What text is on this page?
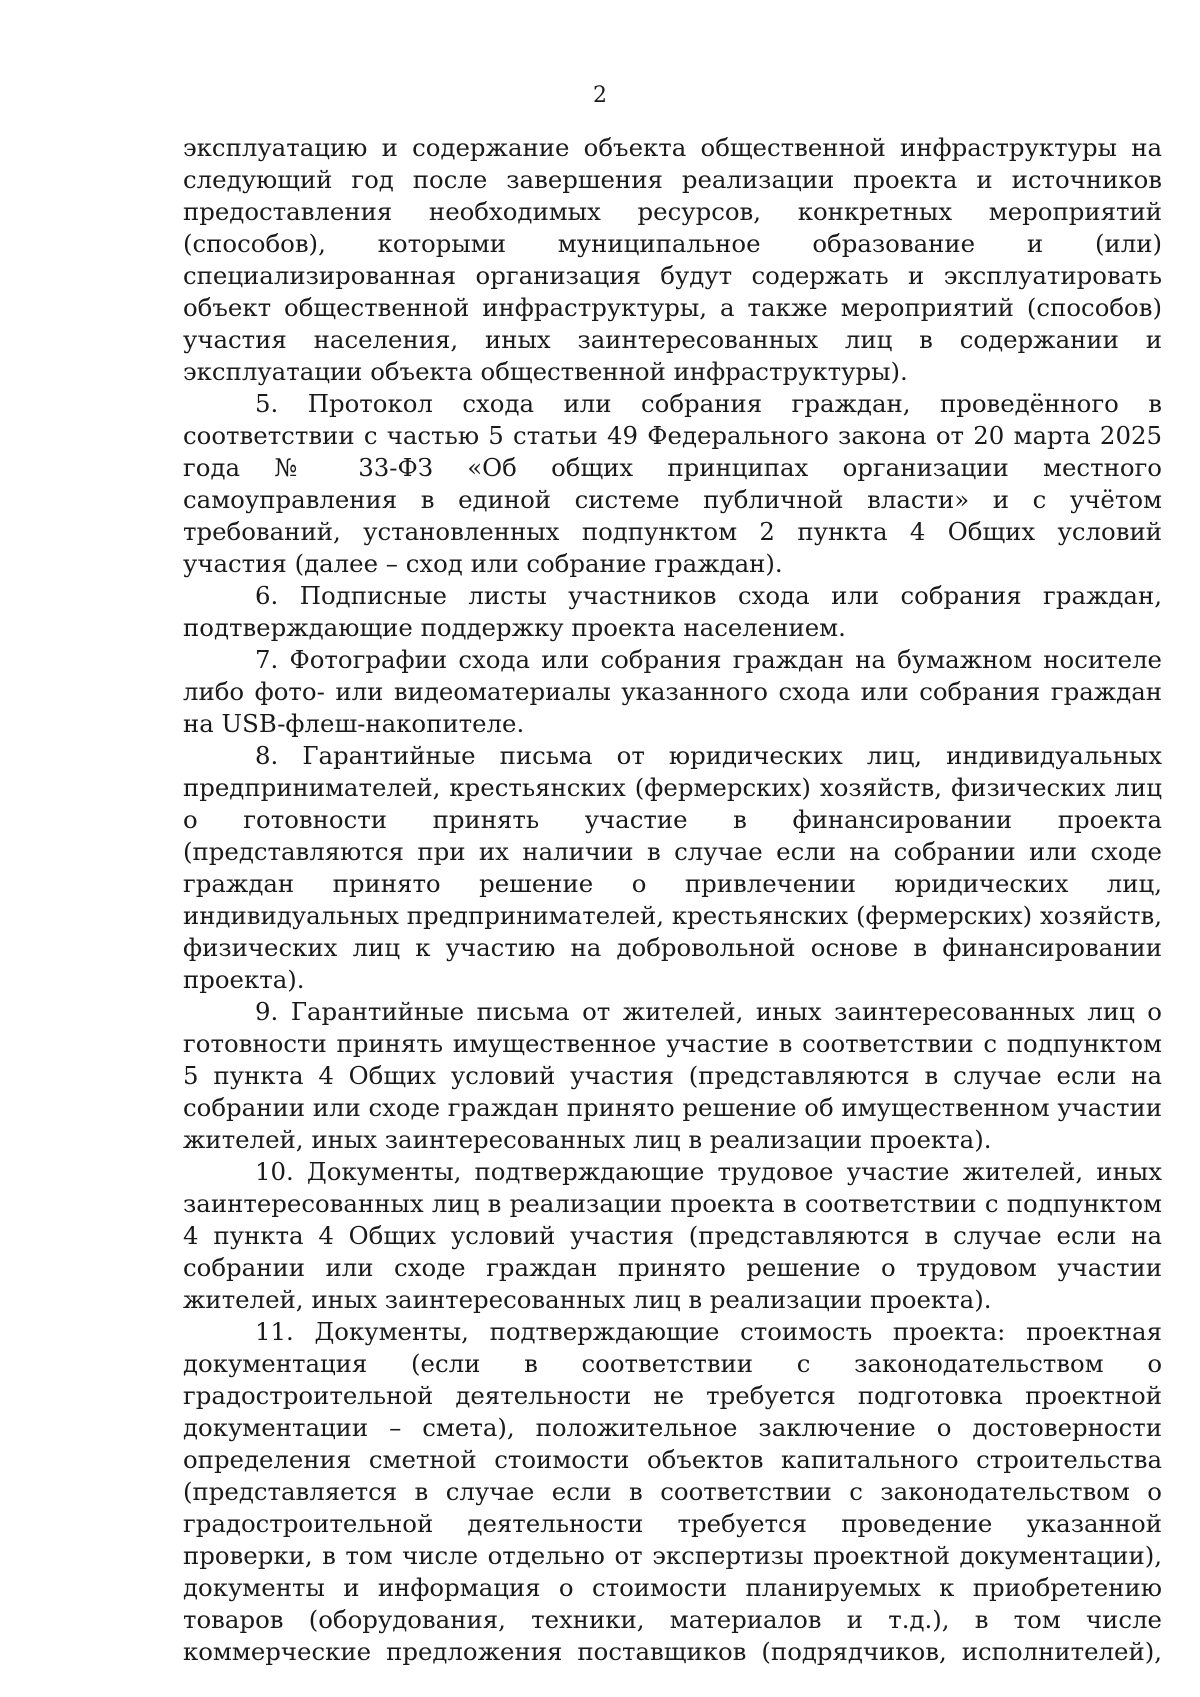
2

эксплуатацию и содержание объекта общественной инфраструктуры на следующий год после завершения реализации проекта и источников предоставления необходимых ресурсов, конкретных мероприятий (способов), которыми муниципальное образование и (или) специализированная организация будут содержать и эксплуатировать объект общественной инфраструктуры, а также мероприятий (способов) участия населения, иных заинтересованных лиц в содержании и эксплуатации объекта общественной инфраструктуры).

5. Протокол схода или собрания граждан, проведённого в соответствии с частью 5 статьи 49 Федерального закона от 20 марта 2025 года № 33-ФЗ «Об общих принципах организации местного самоуправления в единой системе публичной власти» и с учётом требований, установленных подпунктом 2 пункта 4 Общих условий участия (далее – сход или собрание граждан).

6. Подписные листы участников схода или собрания граждан, подтверждающие поддержку проекта населением.

7. Фотографии схода или собрания граждан на бумажном носителе либо фото- или видеоматериалы указанного схода или собрания граждан на USB-флеш-накопителе.

8. Гарантийные письма от юридических лиц, индивидуальных предпринимателей, крестьянских (фермерских) хозяйств, физических лиц о готовности принять участие в финансировании проекта (представляются при их наличии в случае если на собрании или сходе граждан принято решение о привлечении юридических лиц, индивидуальных предпринимателей, крестьянских (фермерских) хозяйств, физических лиц к участию на добровольной основе в финансировании проекта).

9. Гарантийные письма от жителей, иных заинтересованных лиц о готовности принять имущественное участие в соответствии с подпунктом 5 пункта 4 Общих условий участия (представляются в случае если на собрании или сходе граждан принято решение об имущественном участии жителей, иных заинтересованных лиц в реализации проекта).

10. Документы, подтверждающие трудовое участие жителей, иных заинтересованных лиц в реализации проекта в соответствии с подпунктом 4 пункта 4 Общих условий участия (представляются в случае если на собрании или сходе граждан принято решение о трудовом участии жителей, иных заинтересованных лиц в реализации проекта).

11. Документы, подтверждающие стоимость проекта: проектная документация (если в соответствии с законодательством о градостроительной деятельности не требуется подготовка проектной документации – смета), положительное заключение о достоверности определения сметной стоимости объектов капитального строительства (представляется в случае если в соответствии с законодательством о градостроительной деятельности требуется проведение указанной проверки, в том числе отдельно от экспертизы проектной документации), документы и информация о стоимости планируемых к приобретению товаров (оборудования, техники, материалов и т.д.), в том числе коммерческие предложения поставщиков (подрядчиков, исполнителей),
